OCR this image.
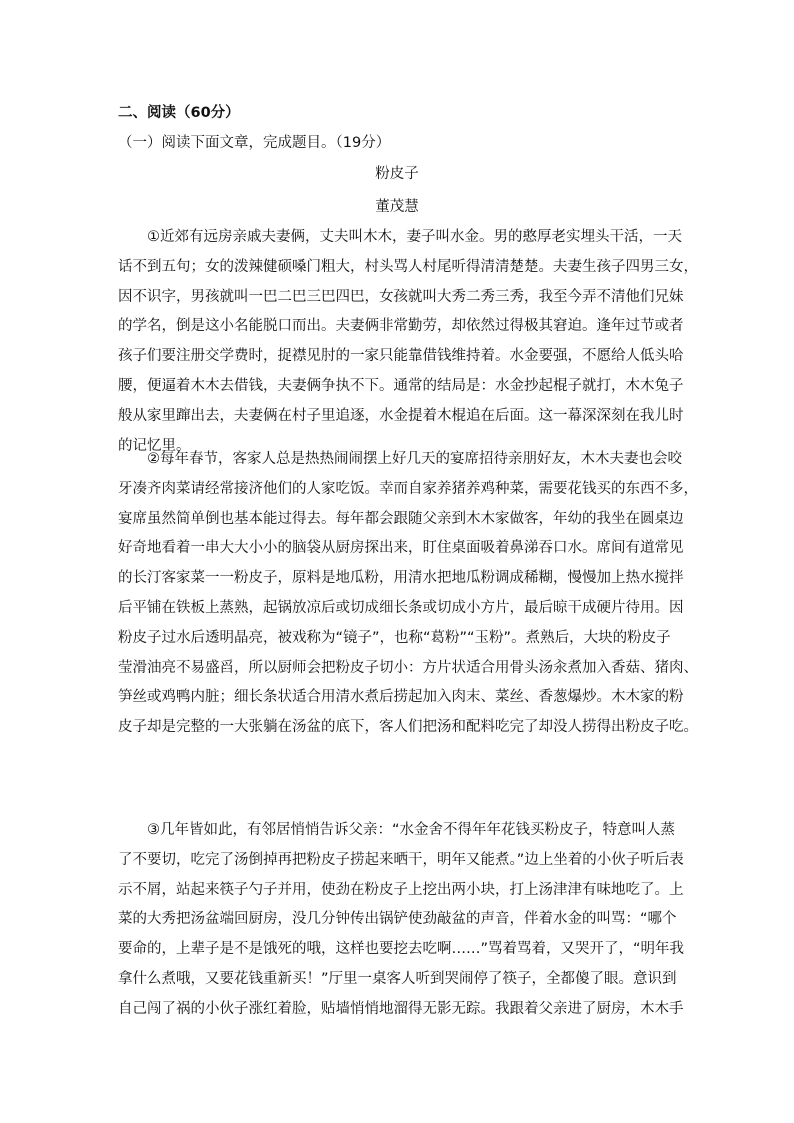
二、阅读（60分）
（一）阅读下面文章，完成题目。（19分）
粉皮子
董茂慧
①近郊有远房亲戚夫妻俩，丈夫叫木木，妻子叫水金。男的憨厚老实埋头干活，一天
话不到五句；女的泼辣健硕嗓门粗大，村头骂人村尾听得清清楚楚。夫妻生孩子四男三女，
因不识字，男孩就叫一巴二巴三巴四巴，女孩就叫大秀二秀三秀，我至今弄不清他们兄妹
的学名，倒是这小名能脱口而出。夫妻俩非常勤劳，却依然过得极其窘迫。逢年过节或者
孩子们要注册交学费时，捉襟见肘的一家只能靠借钱维持着。水金要强，不愿给人低头哈
腰，便逼着木木去借钱，夫妻俩争执不下。通常的结局是：水金抄起棍子就打，木木兔子
般从家里蹿出去，夫妻俩在村子里追逐，水金提着木棍追在后面。这一幕深深刻在我儿时
的记忆里。
②每年春节，客家人总是热热闹闹摆上好几天的宴席招待亲朋好友，木木夫妻也会咬
牙凑齐肉菜请经常接济他们的人家吃饭。幸而自家养猪养鸡种菜，需要花钱买的东西不多，
宴席虽然简单倒也基本能过得去。每年都会跟随父亲到木木家做客，年幼的我坐在圆桌边
好奇地看着一串大大小小的脑袋从厨房探出来，盯住桌面吸着鼻涕吞口水。席间有道常见
的长汀客家菜一一粉皮子，原料是地瓜粉，用清水把地瓜粉调成稀糊，慢慢加上热水搅拌
后平铺在铁板上蒸熟，起锅放凉后或切成细长条或切成小方片，最后晾干成硬片待用。因
粉皮子过水后透明晶亮，被戏称为“镜子”，也称“葛粉”“玉粉”。煮熟后，大块的粉皮子
莹滑油亮不易盛舀，所以厨师会把粉皮子切小：方片状适合用骨头汤汆煮加入香菇、猪肉、
笋丝或鸡鸭内脏；细长条状适合用清水煮后捞起加入肉末、菜丝、香葱爆炒。木木家的粉
皮子却是完整的一大张躺在汤盆的底下，客人们把汤和配料吃完了却没人捞得出粉皮子吃。
③几年皆如此，有邻居悄悄告诉父亲：“水金舍不得年年花钱买粉皮子，特意叫人蒸
了不要切，吃完了汤倒掉再把粉皮子捞起来晒干，明年又能煮。”边上坐着的小伙子听后表
示不屑，站起来筷子勺子并用，使劲在粉皮子上挖出两小块，打上汤津津有味地吃了。上
菜的大秀把汤盆端回厨房，没几分钟传出锅铲使劲敲盆的声音，伴着水金的叫骂：“哪个
要命的，上辈子是不是饿死的哦，这样也要挖去吃啊……”骂着骂着，又哭开了，“明年我
拿什么煮哦，又要花钱重新买！”厅里一桌客人听到哭闹停了筷子，全都傻了眼。意识到
自己闯了祸的小伙子涨红着脸，贴墙悄悄地溜得无影无踪。我跟着父亲进了厨房，木木手
